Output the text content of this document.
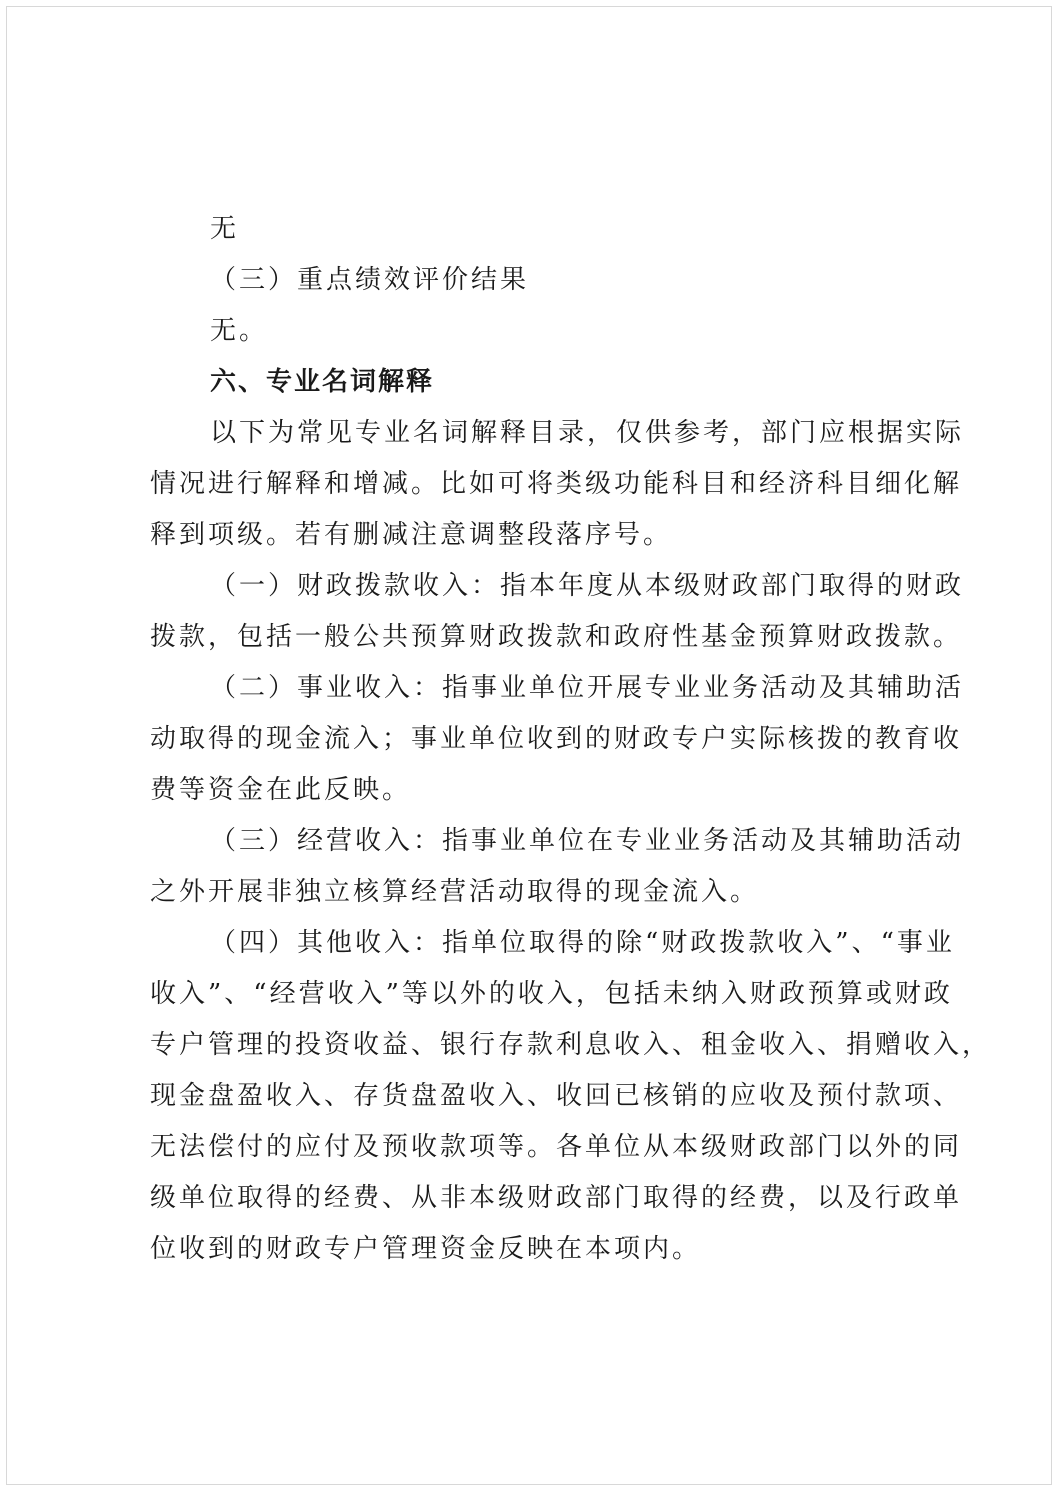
无
（三）重点绩效评价结果
无。
六、专业名词解释
以下为常见专业名词解释目录，仅供参考，部门应根据实际
情况进行解释和增减。比如可将类级功能科目和经济科目细化解
释到项级。若有删减注意调整段落序号。
（一）财政拨款收入：指本年度从本级财政部门取得的财政
拨款，包括一般公共预算财政拨款和政府性基金预算财政拨款。
（二）事业收入：指事业单位开展专业业务活动及其辅助活
动取得的现金流入；事业单位收到的财政专户实际核拨的教育收
费等资金在此反映。
（三）经营收入：指事业单位在专业业务活动及其辅助活动
之外开展非独立核算经营活动取得的现金流入。
（四）其他收入：指单位取得的除“财政拨款收入”、“事业
收入”、“经营收入”等以外的收入，包括未纳入财政预算或财政
专户管理的投资收益、银行存款利息收入、租金收入、捐赠收入，
现金盘盈收入、存货盘盈收入、收回已核销的应收及预付款项、
无法偿付的应付及预收款项等。各单位从本级财政部门以外的同
级单位取得的经费、从非本级财政部门取得的经费，以及行政单
位收到的财政专户管理资金反映在本项内。
